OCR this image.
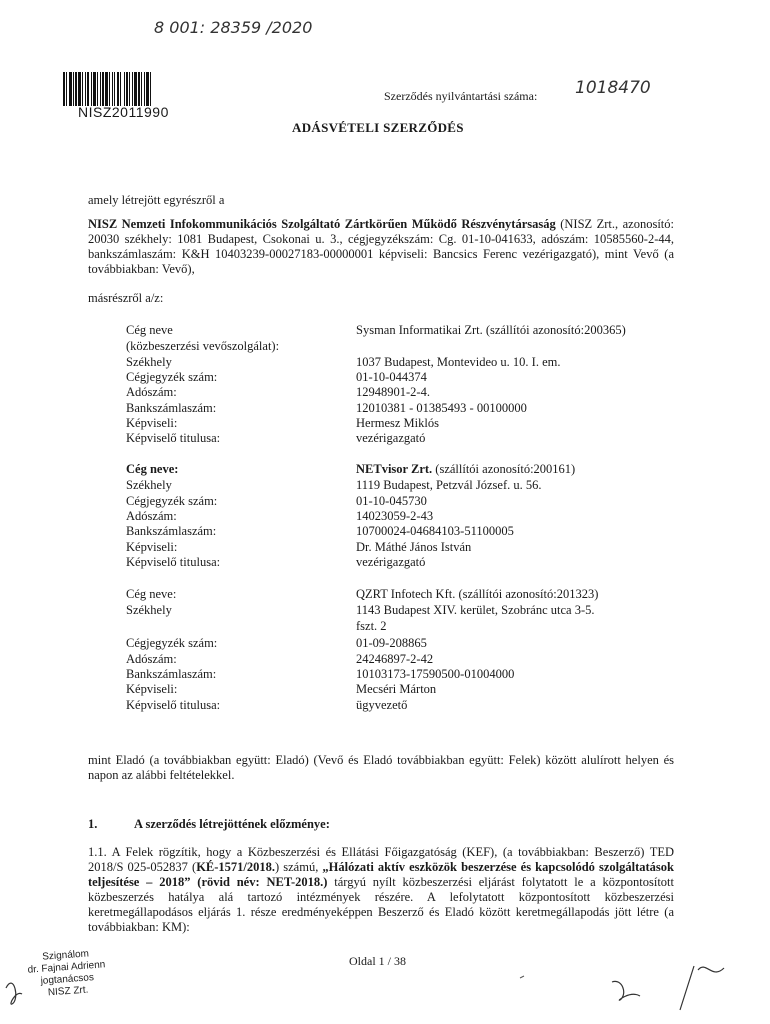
8 001: 28359 /2020
NISZ2011990
Szerződés nyilvántartási száma: 1018470
ADÁSVÉTELI SZERZŐDÉS
amely létrejött egyrészről a

NISZ Nemzeti Infokommunikációs Szolgáltató Zártkörűen Működő Részvénytársaság (NISZ Zrt., azonosító: 20030 székhely: 1081 Budapest, Csokonai u. 3., cégjegyzékszám: Cg. 01-10-041633, adószám: 10585560-2-44, bankszámlaszám: K&H 10403239-00027183-00000001 képviseli: Bancsics Ferenc vezérigazgató), mint Vevő (a továbbiakban: Vevő),

másrészről a/z:
Cég neve	Sysman Informatikai Zrt. (szállítói azonosító:200365)
(közbeszerzési vevőszolgálat):
Székhely	1037 Budapest, Montevideo u. 10. I. em.
Cégjegyzék szám:	01-10-044374
Adószám:	12948901-2-4.
Bankszámlaszám:	12010381 - 01385493 - 00100000
Képviseli:	Hermesz Miklós
Képviselő titulusa:	vezérigazgató
Cég neve:	NETvisor Zrt. (szállítói azonosító:200161)
Székhely	1119 Budapest, Petzvál József. u. 56.
Cégjegyzék szám:	01-10-045730
Adószám:	14023059-2-43
Bankszámlaszám:	10700024-04684103-51100005
Képviseli:	Dr. Máthé János István
Képviselő titulusa:	vezérigazgató
Cég neve:	QZRT Infotech Kft. (szállítói azonosító:201323)
Székhely	1143 Budapest XIV. kerület, Szobránc utca 3-5.
fszt. 2
Cégjegyzék szám:	01-09-208865
Adószám:	24246897-2-42
Bankszámlaszám:	10103173-17590500-01004000
Képviseli:	Mecséri Márton
Képviselő titulusa:	ügyvezető

mint Eladó (a továbbiakban együtt: Eladó) (Vevő és Eladó továbbiakban együtt: Felek) között alulírott helyen és napon az alábbi feltételekkel.

1.	A szerződés létrejöttének előzménye:

1.1. A Felek rögzítik, hogy a Közbeszerzési és Ellátási Főigazgatóság (KEF), (a továbbiakban: Beszerző) TED 2018/S 025-052837 (KÉ-1571/2018.) számú, „Hálózati aktív eszközök beszerzése és kapcsolódó szolgáltatások teljesítése – 2018” (rövid név: NET-2018.) tárgyú nyílt közbeszerzési eljárást folytatott le a központosított közbeszerzés hatálya alá tartozó intézmények részére. A lefolytatott központosított közbeszerzési keretmegállapodásos eljárás 1. része eredményeképpen Beszerző és Eladó között keretmegállapodás jött létre (a továbbiakban: KM):

Oldal 1 / 38
Szignálom
dr. Fajnai Adrienn
jogtanácsos
NISZ Zrt.
